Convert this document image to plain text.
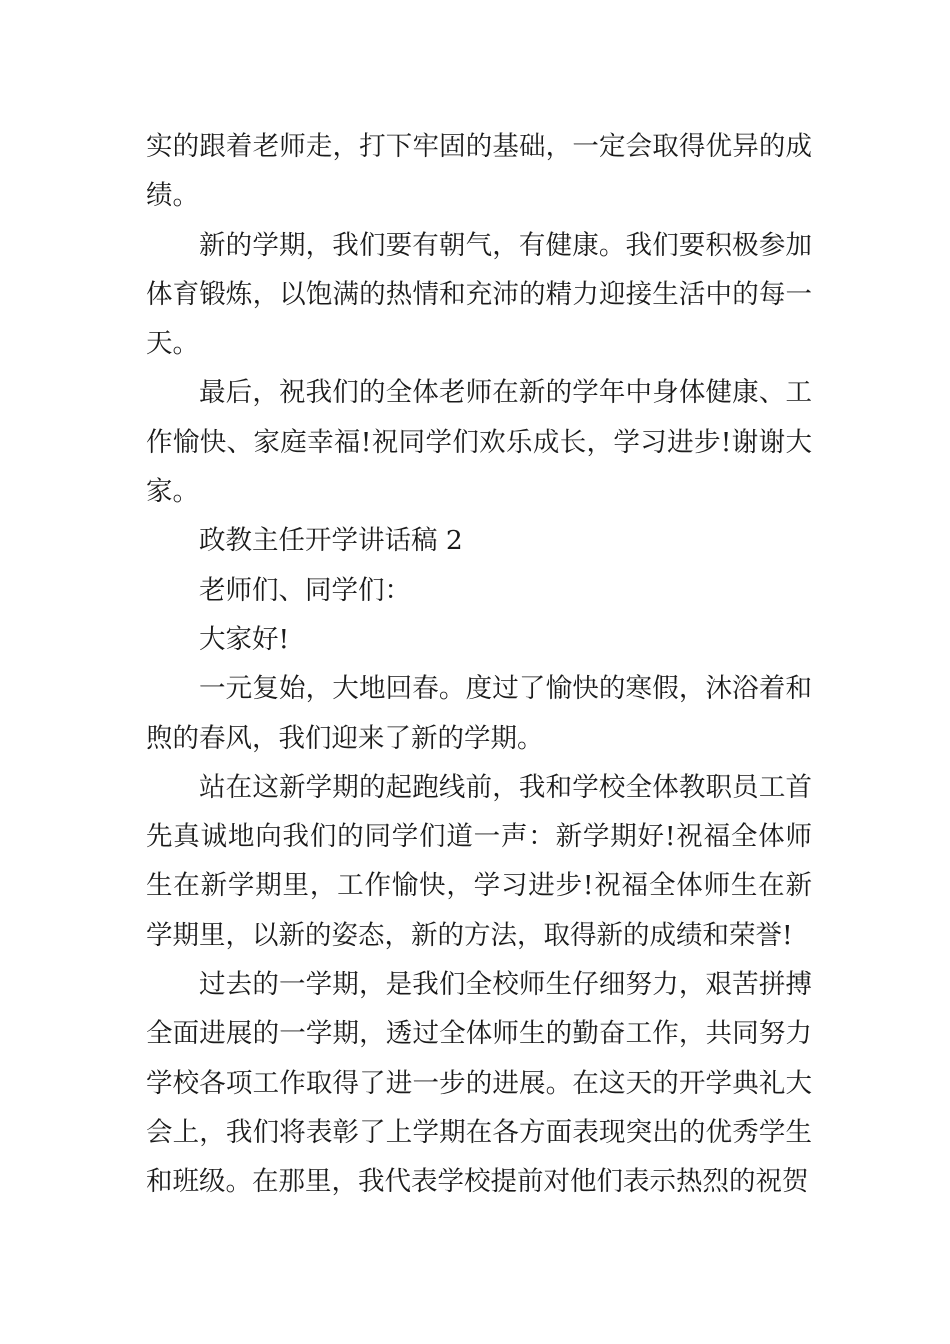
实的跟着老师走，打下牢固的基础，一定会取得优异的成绩。

新的学期，我们要有朝气，有健康。我们要积极参加体育锻炼，以饱满的热情和充沛的精力迎接生活中的每一天。

最后，祝我们的全体老师在新的学年中身体健康、工作愉快、家庭幸福!祝同学们欢乐成长，学习进步!谢谢大家。

政教主任开学讲话稿 2

老师们、同学们：

大家好!

一元复始，大地回春。度过了愉快的寒假，沐浴着和煦的春风，我们迎来了新的学期。

站在这新学期的起跑线前，我和学校全体教职员工首先真诚地向我们的同学们道一声：新学期好!祝福全体师生在新学期里，工作愉快，学习进步!祝福全体师生在新学期里，以新的姿态，新的方法，取得新的成绩和荣誉!

过去的一学期，是我们全校师生仔细努力，艰苦拼搏全面进展的一学期，透过全体师生的勤奋工作，共同努力学校各项工作取得了进一步的进展。在这天的开学典礼大会上，我们将表彰了上学期在各方面表现突出的优秀学生和班级。在那里，我代表学校提前对他们表示热烈的祝贺
